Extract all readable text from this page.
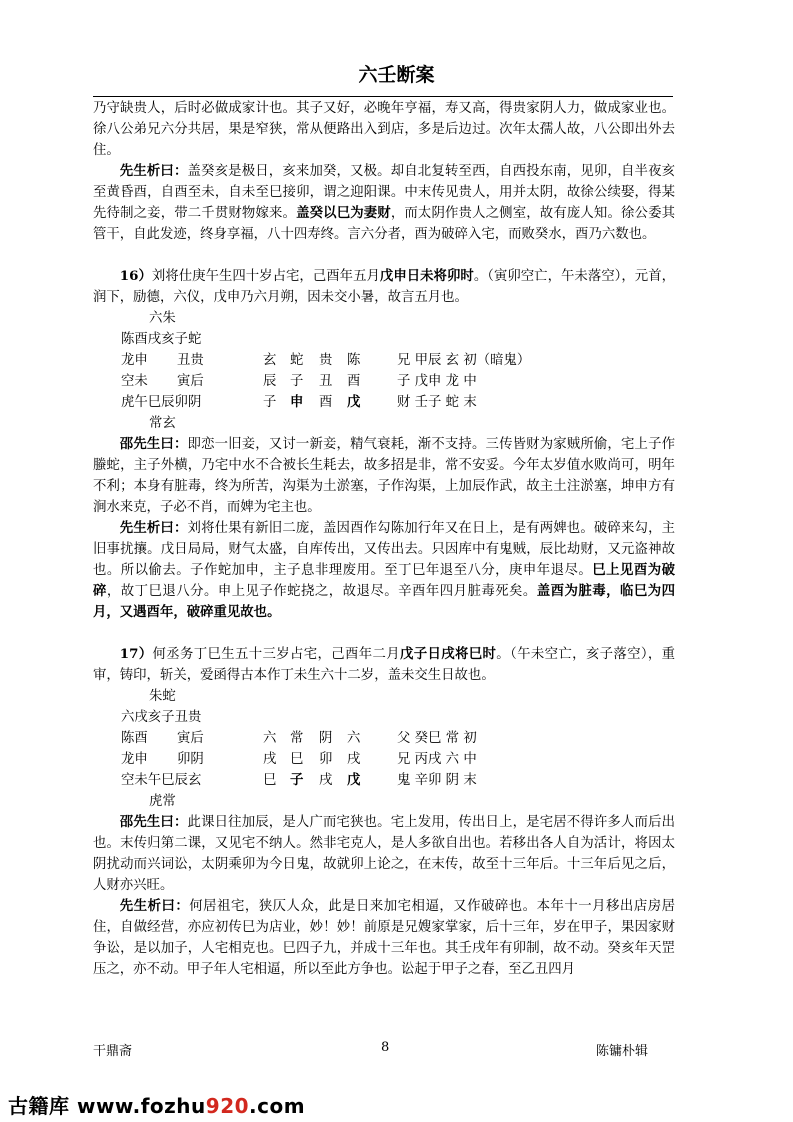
六壬断案

乃守缺贵人，后时必做成家计也。其子又好，必晚年亨福，寿又高，得贵家阴人力，做成家业也。徐八公弟兄六分共居，果是窄狭，常从便路出入到店，多是后边过。次年太孺人故，八公即出外去住。

先生析曰：盖癸亥是极日，亥来加癸，又极。却自北复转至西，自西投东南，见卯，自半夜亥至黄昏酉，自酉至未，自未至巳接卯，谓之迎阳课。中末传见贵人，用并太阴，故徐公续娶，得某先待制之妾，带二千贯财物嫁来。盖癸以巳为妻财，而太阴作贵人之侧室，故有庞人知。徐公委其管干，自此发迹，终身享福，八十四寿终。言六分者，酉为破碎入宅，而败癸水，酉乃六数也。

16）刘将仕庚午生四十岁占宅，己酉年五月戊申日未将卯时。（寅卯空亡，午未落空），元首，润下，励德，六仪，戊申乃六月朔，因未交小暑，故言五月也。

六朱
陈酉戌亥子蛇
龙申 丑贵	玄 蛇 贵 陈	兄 甲辰 玄 初（暗鬼）
空未 寅后	辰 子 丑 酉	子 戊申 龙 中
虎午巳辰卯阴	子 申 酉 戊	财 壬子 蛇 末
常玄

邵先生曰：即恋一旧妾，又讨一新妾，精气衰耗，渐不支持。三传皆财为家贼所偷，宅上子作螣蛇，主子外横，乃宅中水不合被长生耗去，故多招是非，常不安妥。今年太岁值水败尚可，明年不利；本身有脏毒，终为所苦，沟渠为土淤塞，子作沟渠，上加辰作武，故主土注淤塞，坤申方有涧水来克，子必不肖，而婢为宅主也。

先生析曰：刘将仕果有新旧二庞，盖因酉作勾陈加行年又在日上，是有两婢也。破碎来勾，主旧事扰攘。戊日局局，财气太盛，自库传出，又传出去。只因库中有鬼贼，辰比劫财，又元盗神故也。所以偷去。子作蛇加申，主子息非理废用。至丁巳年退至八分，庚申年退尽。巳上见酉为破碎，故丁巳退八分。申上见子作蛇挠之，故退尽。辛酉年四月脏毒死矣。盖酉为脏毒，临巳为四月，又遇酉年，破碎重见故也。

17）何丞务丁巳生五十三岁占宅，己酉年二月戊子日戌将巳时。（午未空亡，亥子落空），重审，铸印，斩关，爱函得古本作丁未生六十二岁，盖未交生日故也。

朱蛇
六戌亥子丑贵
陈酉 寅后	六 常 阴 六	父 癸巳 常 初
龙申 卯阴	戌 巳 卯 戌	兄 丙戌 六 中
空未午巳辰玄	巳 子 戌 戊	鬼 辛卯 阴 末
虎常

邵先生曰：此课日往加辰，是人广而宅狭也。宅上发用，传出日上，是宅居不得许多人而后出也。末传归第二课，又见宅不纳人。然非宅克人，是人多欲自出也。若移出各人自为活计，将因太阴扰动而兴词讼，太阴乘卯为今日鬼，故就卯上论之，在末传，故至十三年后。十三年后见之后，人财亦兴旺。

先生析曰：何居祖宅，狭仄人众，此是日来加宅相逼，又作破碎也。本年十一月移出店房居住，自做经营，亦应初传巳为店业，妙！妙！前原是兄嫂家掌家，后十三年，岁在甲子，果因家财争讼，是以加子，人宅相克也。巳四子九，并成十三年也。其壬戌年有卯制，故不动。癸亥年天罡压之，亦不动。甲子年人宅相逼，所以至此方争也。讼起于甲子之春，至乙丑四月

干鼎斋	8	陈镛朴辑
古籍库 www.fozhu920.com
